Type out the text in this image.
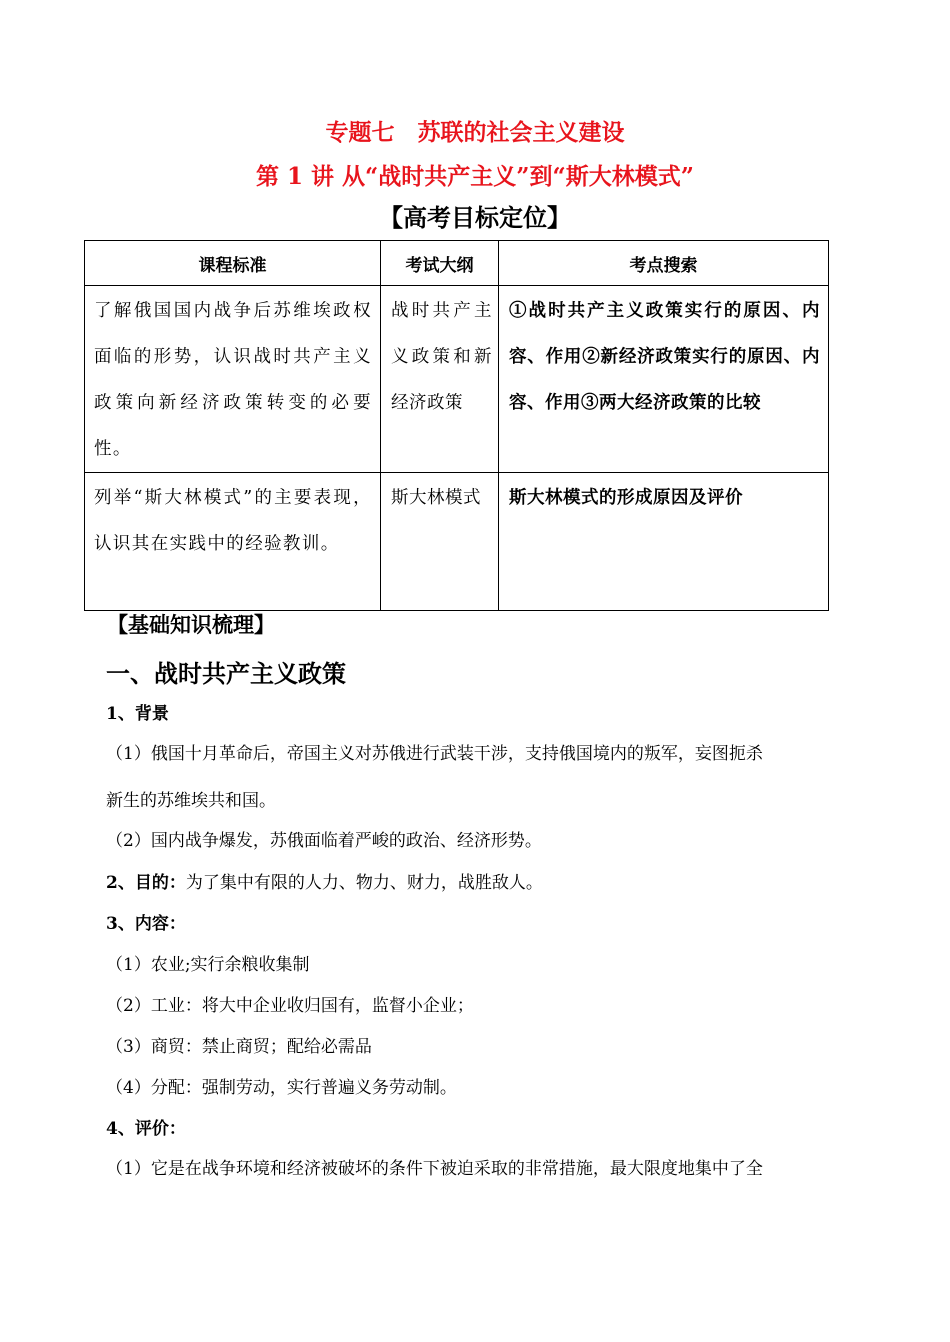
专题七　苏联的社会主义建设
第 1 讲 从“战时共产主义”到“斯大林模式”
【高考目标定位】
课程标准	考试大纲	考点搜索

了解俄国国内战争后苏维埃政权面临的形势，认识战时共产主义政策向新经济政策转变的必要性。	战时共产主义政策和新经济政策	①战时共产主义政策实行的原因、内容、作用②新经济政策实行的原因、内容、作用③两大经济政策的比较

列举“斯大林模式”的主要表现，认识其在实践中的经验教训。	斯大林模式	斯大林模式的形成原因及评价
【基础知识梳理】
一、战时共产主义政策
1、背景
（1）俄国十月革命后，帝国主义对苏俄进行武装干涉，支持俄国境内的叛军，妄图扼杀
新生的苏维埃共和国。
（2）国内战争爆发，苏俄面临着严峻的政治、经济形势。
2、目的：为了集中有限的人力、物力、财力，战胜敌人。
3、内容：
（1）农业;实行余粮收集制
（2）工业：将大中企业收归国有，监督小企业；
（3）商贸：禁止商贸；配给必需品
（4）分配：强制劳动，实行普遍义务劳动制。
4、评价：
（1）它是在战争环境和经济被破坏的条件下被迫采取的非常措施，最大限度地集中了全
